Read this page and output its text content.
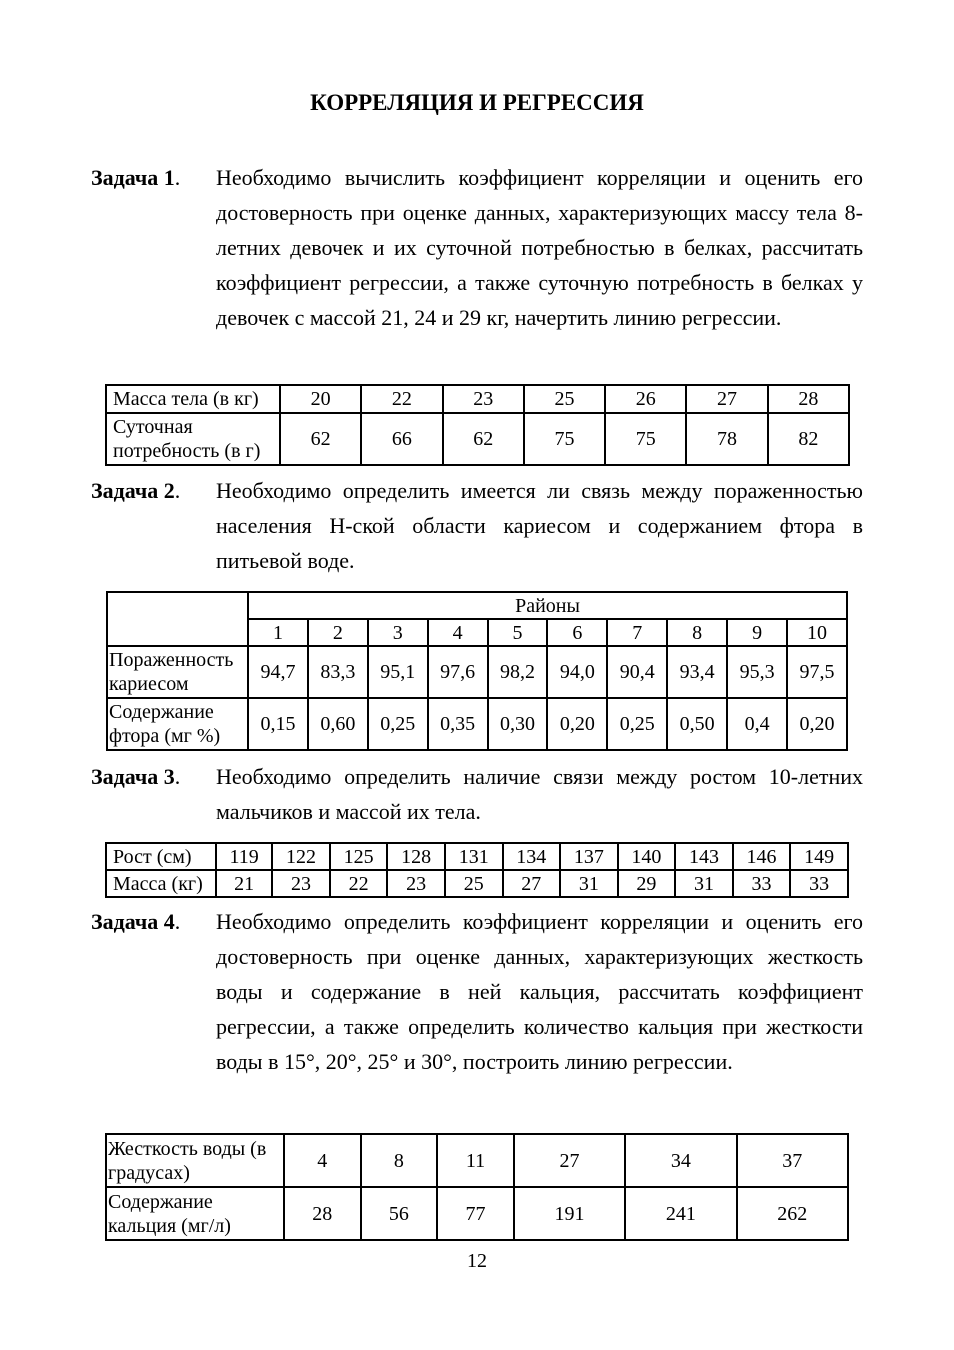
КОРРЕЛЯЦИЯ И РЕГРЕССИЯ
Задача 1. Необходимо вычислить коэффициент корреляции и оценить его достоверность при оценке данных, характеризующих массу тела 8-летних девочек и их суточной потребностью в белках, рассчитать коэффициент регрессии, а также суточную потребность в белках у девочек с массой 21, 24 и 29 кг, начертить линию регрессии.
Масса тела (в кг)	20	22	23	25	26	27	28
Суточная потребность (в г)	62	66	62	75	75	78	82
Задача 2. Необходимо определить имеется ли связь между пораженностью населения Н-ской области кариесом и содержанием фтора в питьевой воде.
	Районы									
	1	2	3	4	5	6	7	8	9	10
Пораженность кариесом	94,7	83,3	95,1	97,6	98,2	94,0	90,4	93,4	95,3	97,5
Содержание фтора (мг %)	0,15	0,60	0,25	0,35	0,30	0,20	0,25	0,50	0,4	0,20
Задача 3. Необходимо определить наличие связи между ростом 10-летних мальчиков и массой их тела.
Рост (см)	119	122	125	128	131	134	137	140	143	146	149
Масса (кг)	21	23	22	23	25	27	31	29	31	33	33
Задача 4. Необходимо определить коэффициент корреляции и оценить его достоверность при оценке данных, характеризующих жесткость воды и содержание в ней кальция, рассчитать коэффициент регрессии, а также определить количество кальция при жесткости воды в 15°, 20°, 25° и 30°, построить линию регрессии.
Жесткость воды (в градусах)	4	8	11	27	34	37
Содержание кальция (мг/л)	28	56	77	191	241	262
12
